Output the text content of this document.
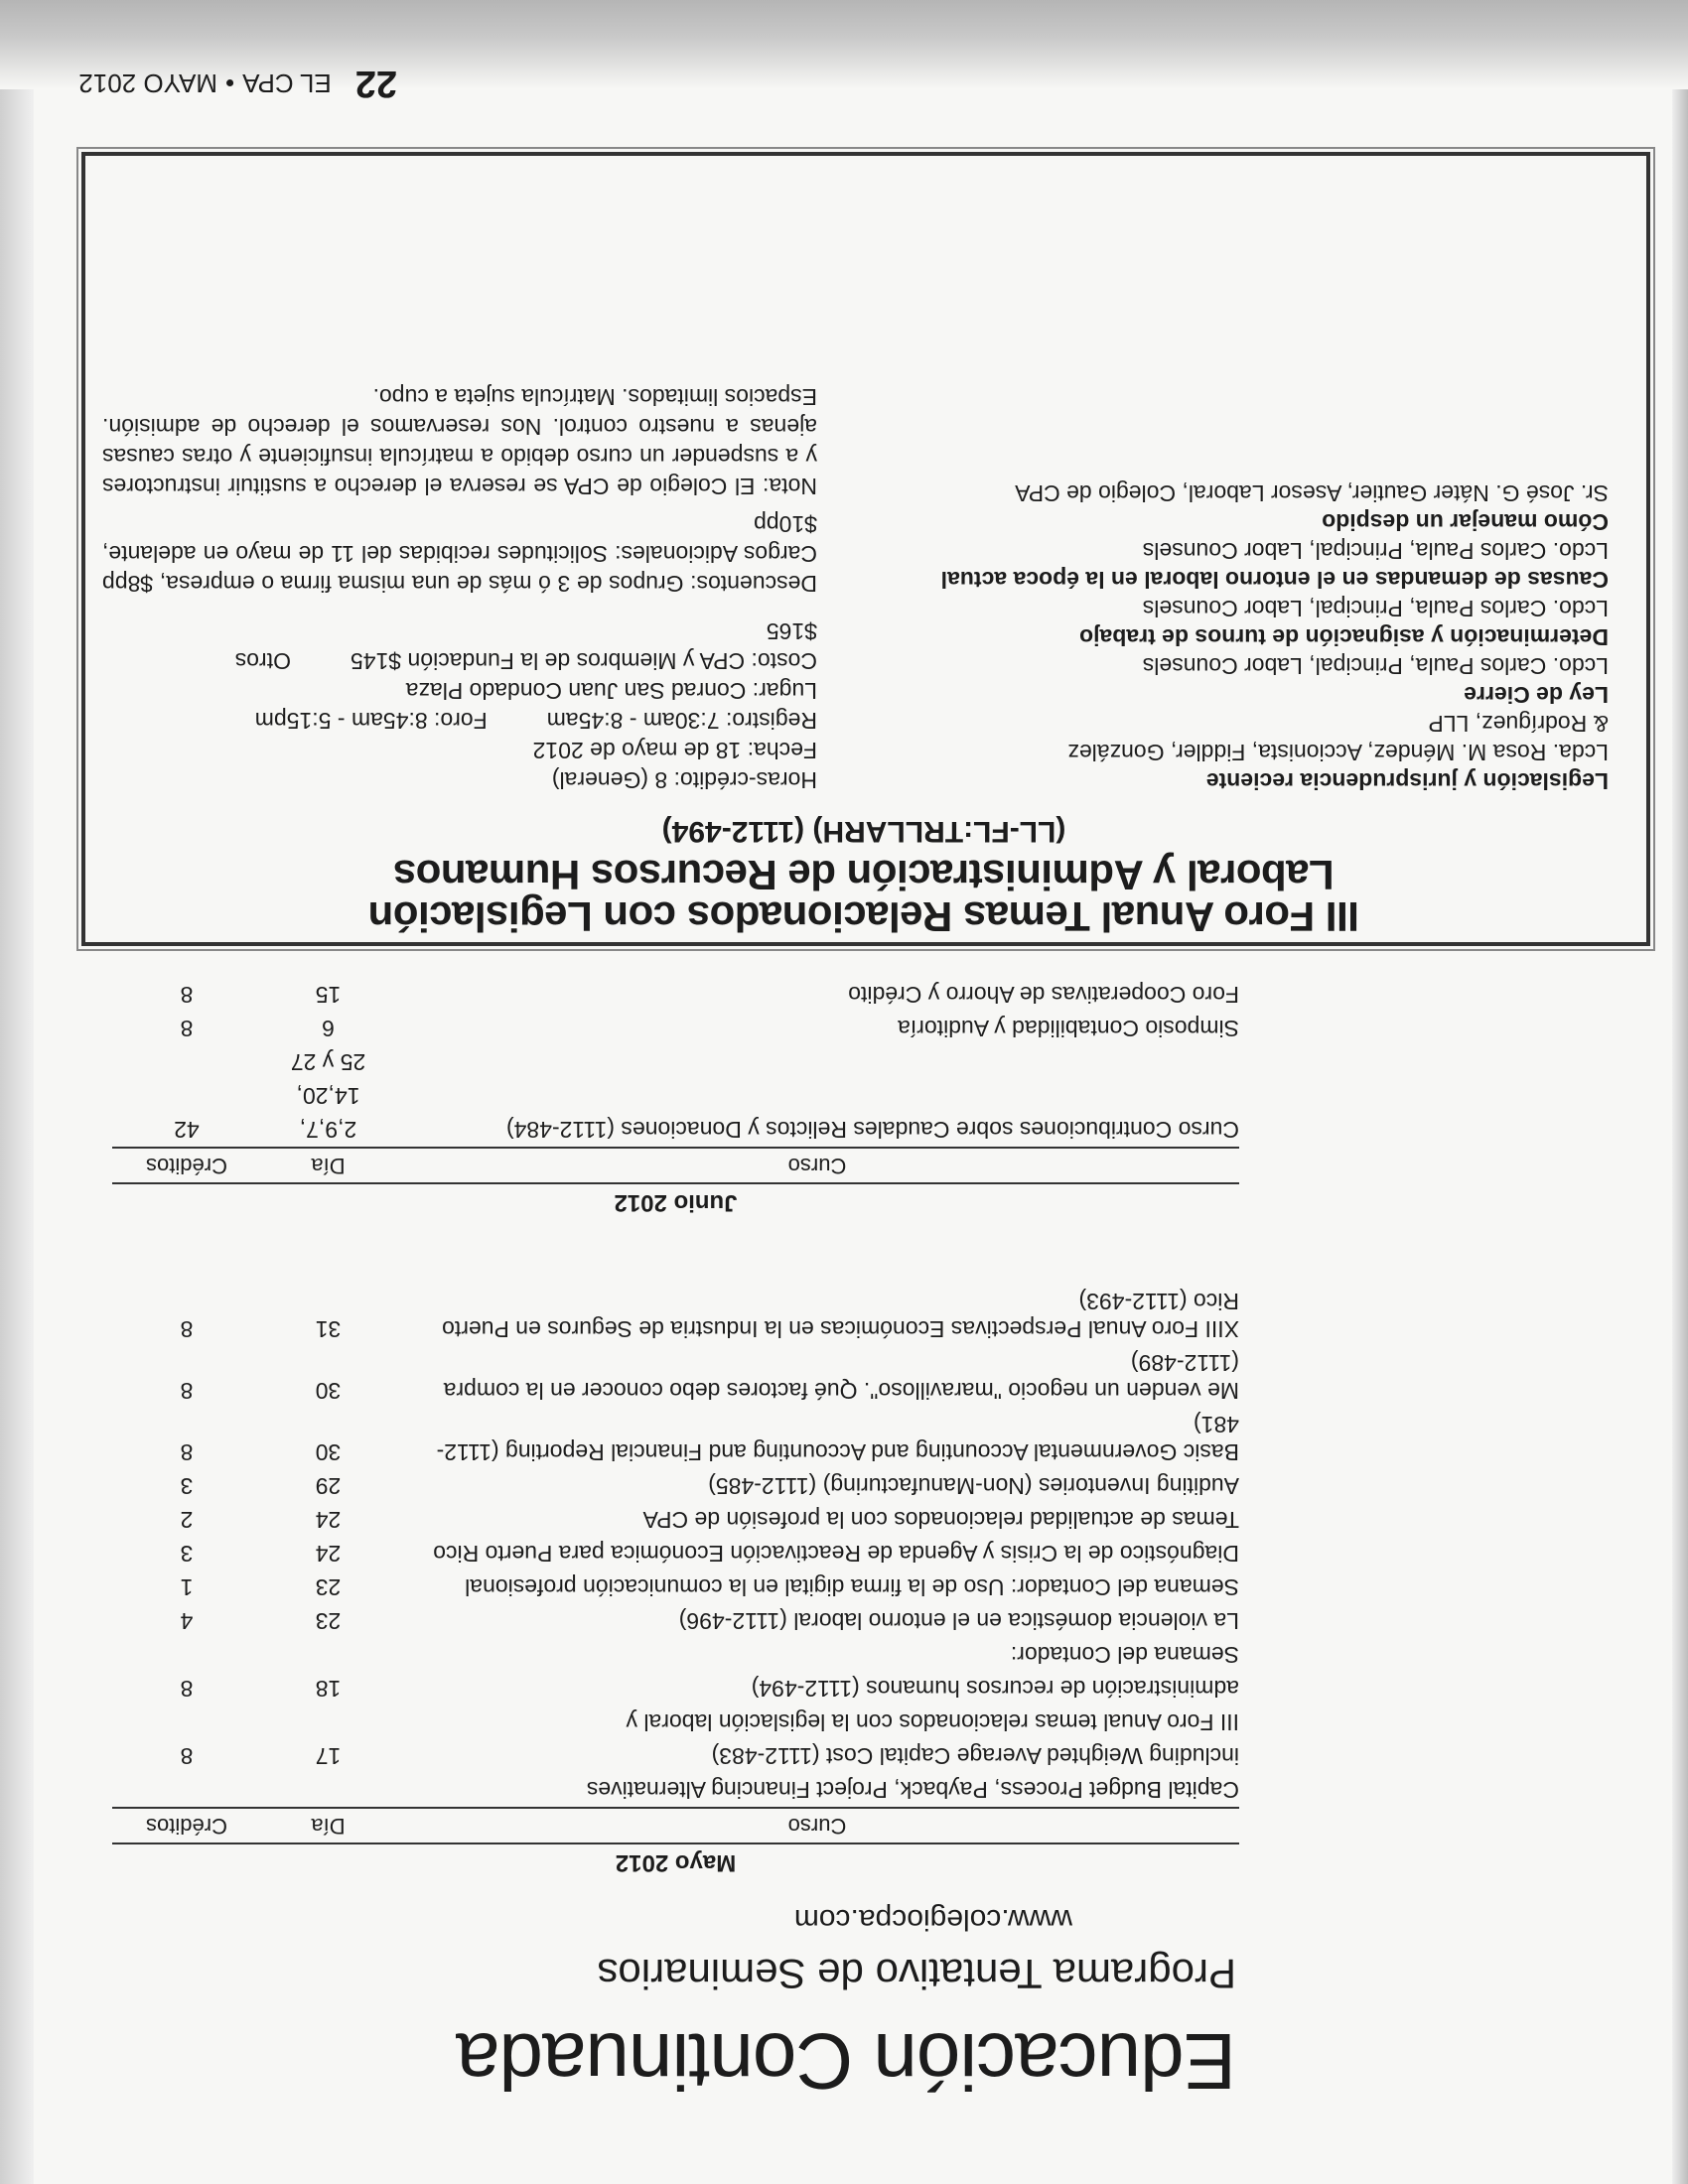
Educación Continuada
Programa Tentativo de Seminarios
www.colegiocpa.com
Mayo 2012
Curso	Día	Créditos
Capital Budget Process, Payback, Project Financing Alternatives		
including Weighted Average Capital Cost (1112-483)	17	8
III Foro Anual temas relacionados con la legislación laboral y		
administración de recursos humanos (1112-494)	18	8
Semana del Contador:		
La violencia doméstica en el entorno laboral (1112-496)	23	4
Semana del Contador: Uso de la firma digital en la comunicación profesional	23	1
Diagnóstico de la Crisis y Agenda de Reactivación Económica para Puerto Rico	24	3
Temas de actualidad relacionados con la profesión de CPA	24	2
Auditing Inventories (Non-Manufacturing) (1112-485)	29	3
Basic Governmental Accounting and Accounting and Financial Reporting (1112-481)	30	8
Me venden un negocio "maravilloso". Qué factores debo conocer en la compra (1112-489)	30	8
XIII Foro Anual Perspectivas Económicas en la Industria de Seguros en Puerto Rico (1112-493)	31	8
Junio 2012
Curso	Día	Créditos
Curso Contribuciones sobre Caudales Relictos y Donaciones (1112-484)	2,9,7,	42
	14,20,	
	25 y 27	
Simposio Contabilidad y Auditoría	6	8
Foro Cooperativas de Ahorro y Crédito	15	8
III Foro Anual Temas Relacionados con Legislación
Laboral y Administración de Recursos Humanos
(LL-FL:TRLLARH) (1112-494)
Legislación y jurisprudencia reciente
Lcda. Rosa M. Méndez, Accionista, Fiddler, González
& Rodríguez, LLP
Ley de Cierre
Lcdo. Carlos Paula, Principal, Labor Counsels
Determinación y asignación de turnos de trabajo
Lcdo. Carlos Paula, Principal, Labor Counsels
Causas de demandas en el entorno laboral en la época actual
Lcdo. Carlos Paula, Principal, Labor Counsels
Cómo manejar un despido
Sr. José G. Náter Gautier, Asesor Laboral, Colegio de CPA
Horas-crédito: 8 (General)
Fecha: 18 de mayo de 2012
Registro: 7:30am - 8:45am
Foro: 8:45am - 5:15pm
Lugar: Conrad San Juan Condado Plaza
Costo: CPA y Miembros de la Fundación $145
Otros
$165
Descuentos: Grupos de 3 ó más de una misma firma o empresa, $8pp Cargos Adicionales: Solicitudes recibidas del 11 de mayo en adelante, $10pp
Nota: El Colegio de CPA se reserva el derecho a sustituir instructores y a suspender un curso debido a matrícula insuficiente y otras causas ajenas a nuestro control. Nos reservamos el derecho de admisión. Espacios limitados. Matrícula sujeta a cupo.
22EL CPA•MAYO 2012
